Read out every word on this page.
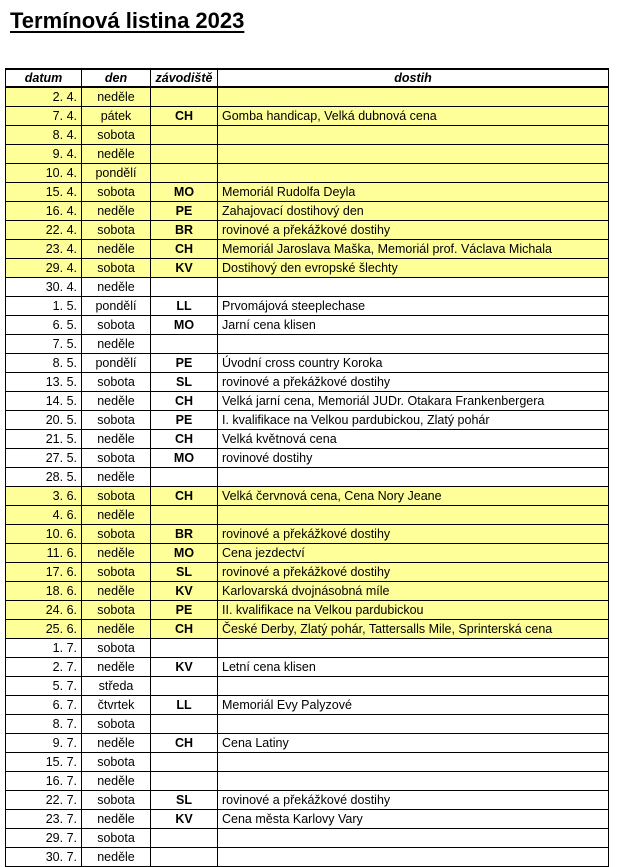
Termínová listina 2023
datum	den	závodiště	dostih
2. 4.	neděle		
7. 4.	pátek	CH	Gomba handicap, Velká dubnová cena
8. 4.	sobota		
9. 4.	neděle		
10. 4.	pondělí		
15. 4.	sobota	MO	Memoriál Rudolfa Deyla
16. 4.	neděle	PE	Zahajovací dostihový den
22. 4.	sobota	BR	rovinové a překážkové dostihy
23. 4.	neděle	CH	Memoriál Jaroslava Maška, Memoriál prof. Václava Michala
29. 4.	sobota	KV	Dostihový den evropské šlechty
30. 4.	neděle		
1. 5.	pondělí	LL	Prvomájová steeplechase
6. 5.	sobota	MO	Jarní cena klisen
7. 5.	neděle		
8. 5.	pondělí	PE	Úvodní cross country Koroka
13. 5.	sobota	SL	rovinové a překážkové dostihy
14. 5.	neděle	CH	Velká jarní cena, Memoriál JUDr. Otakara Frankenbergera
20. 5.	sobota	PE	I. kvalifikace na Velkou pardubickou, Zlatý pohár
21. 5.	neděle	CH	Velká květnová cena
27. 5.	sobota	MO	rovinové dostihy
28. 5.	neděle		
3. 6.	sobota	CH	Velká červnová cena, Cena Nory Jeane
4. 6.	neděle		
10. 6.	sobota	BR	rovinové a překážkové dostihy
11. 6.	neděle	MO	Cena jezdectví
17. 6.	sobota	SL	rovinové a překážkové dostihy
18. 6.	neděle	KV	Karlovarská dvojnásobná míle
24. 6.	sobota	PE	II. kvalifikace na Velkou pardubickou
25. 6.	neděle	CH	České Derby, Zlatý pohár, Tattersalls Mile, Sprinterská cena
1. 7.	sobota		
2. 7.	neděle	KV	Letní cena klisen
5. 7.	středa		
6. 7.	čtvrtek	LL	Memoriál Evy Palyzové
8. 7.	sobota		
9. 7.	neděle	CH	Cena Latiny
15. 7.	sobota		
16. 7.	neděle		
22. 7.	sobota	SL	rovinové a překážkové dostihy
23. 7.	neděle	KV	Cena města Karlovy Vary
29. 7.	sobota		
30. 7.	neděle		
